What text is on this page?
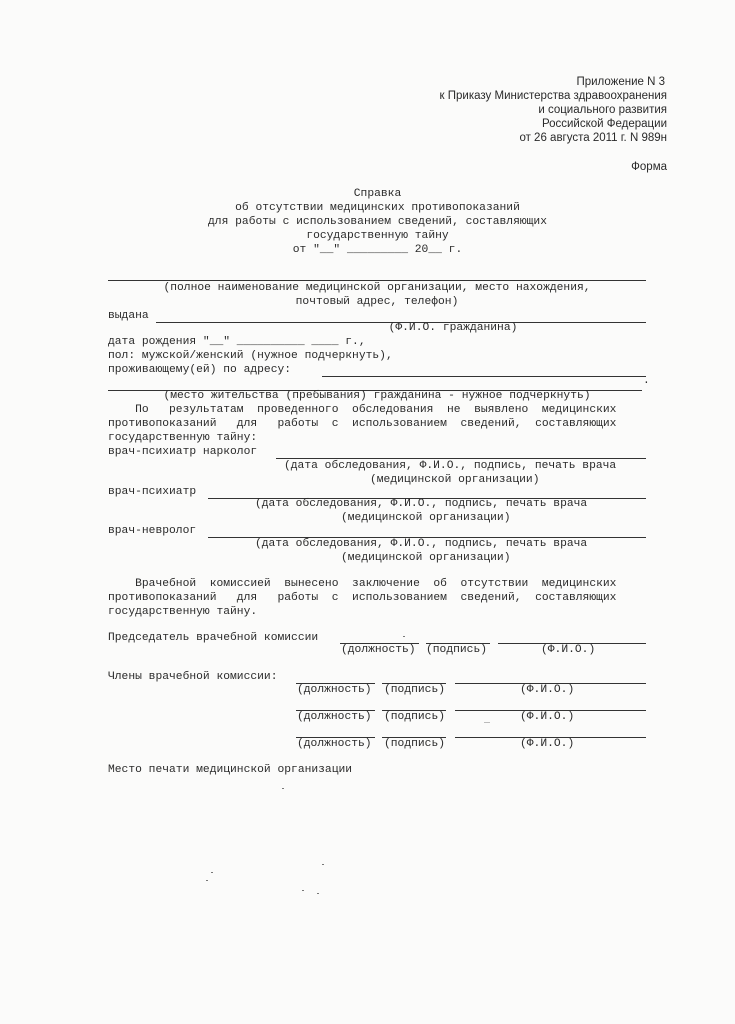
Приложение N 3
к Приказу Министерства здравоохранения
и социального развития
Российской Федерации
от 26 августа 2011 г. N 989н
Форма
Справка
об отсутствии медицинских противопоказаний
для работы с использованием сведений, составляющих
государственную тайну
от "__" _________ 20__ г.
(полное наименование медицинской организации, место нахождения,
почтовый адрес, телефон)
выдана
(Ф.И.О. гражданина)
дата рождения "__" __________ ____ г.,
пол: мужской/женский (нужное подчеркнуть),
проживающему(ей) по адресу:
.
(место жительства (пребывания) гражданина - нужное подчеркнуть)
По   результатам  проведенного  обследования  не  выявлено  медицинских
противопоказаний   для   работы  с  использованием  сведений,  составляющих
государственную тайну:
врач-психиатр нарколог
(дата обследования, Ф.И.О., подпись, печать врача
(медицинской организации)
врач-психиатр
(дата обследования, Ф.И.О., подпись, печать врача
(медицинской организации)
врач-невролог
(дата обследования, Ф.И.О., подпись, печать врача
(медицинской организации)
Врачебной  комиссией  вынесено  заключение  об  отсутствии  медицинских
противопоказаний   для   работы  с  использованием  сведений,  составляющих
государственную тайну.
Председатель врачебной комиссии
(должность) (подпись)	(Ф.И.О.)
Члены врачебной комиссии:
(должность) (подпись)	(Ф.И.О.)
(должность) (подпись)	(Ф.И.О.)
(должность) (подпись)	(Ф.И.О.)
Место печати медицинской организации
